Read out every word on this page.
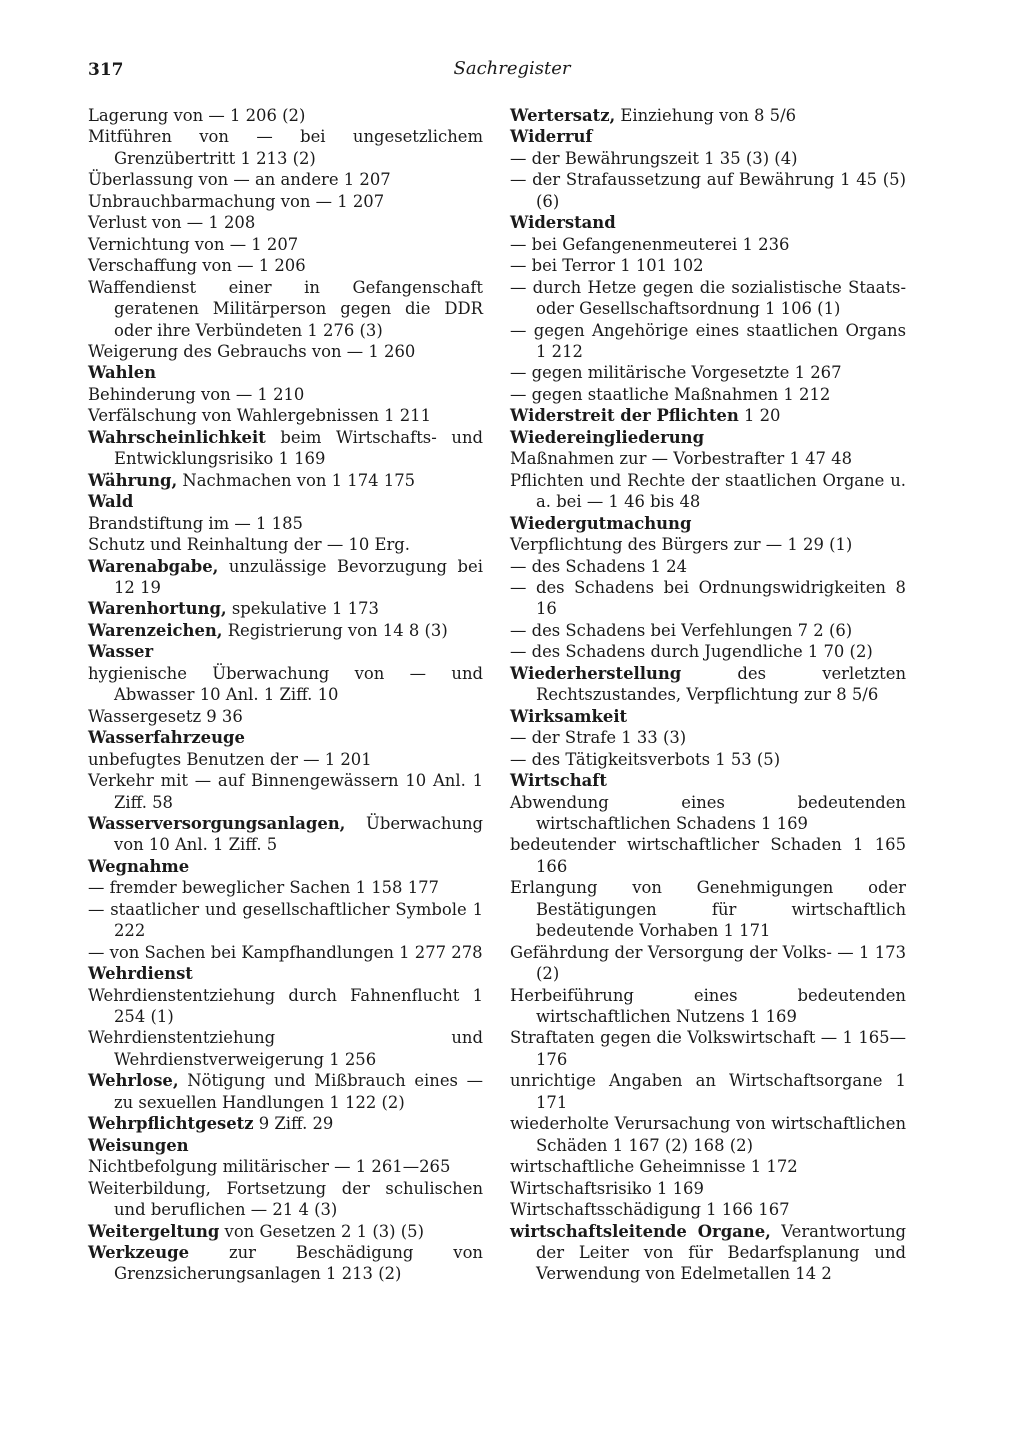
317	Sachregister
Lagerung von — 1 206 (2)
Mitführen von — bei ungesetzlichem Grenzübertritt 1 213 (2)
Überlassung von — an andere 1 207
Unbrauchbarmachung von — 1 207
Verlust von — 1 208
Vernichtung von — 1 207
Verschaffung von — 1 206
Waffendienst einer in Gefangenschaft geratenen Militärperson gegen die DDR oder ihre Verbündeten 1 276 (3)
Weigerung des Gebrauchs von — 1 260
Wahlen
Behinderung von — 1 210
Verfälschung von Wahlergebnissen 1 211
Wahrscheinlichkeit beim Wirtschafts- und Entwicklungsrisiko 1 169
Währung, Nachmachen von 1 174 175
Wald
Brandstiftung im — 1 185
Schutz und Reinhaltung der — 10 Erg.
Warenabgabe, unzulässige Bevorzugung bei 12 19
Warenhortung, spekulative 1 173
Warenzeichen, Registrierung von 14 8 (3)
Wasser
hygienische Überwachung von — und Abwasser 10 Anl. 1 Ziff. 10
Wassergesetz 9 36
Wasserfahrzeuge
unbefugtes Benutzen der — 1 201
Verkehr mit — auf Binnengewässern 10 Anl. 1 Ziff. 58
Wasserversorgungsanlagen, Überwachung von 10 Anl. 1 Ziff. 5
Wegnahme
— fremder beweglicher Sachen 1 158 177
— staatlicher und gesellschaftlicher Symbole 1 222
— von Sachen bei Kampfhandlungen 1 277 278
Wehrdienst
Wehrdienstentziehung durch Fahnenflucht 1 254 (1)
Wehrdienstentziehung und Wehrdienstverweigerung 1 256
Wehrlose, Nötigung und Mißbrauch eines — zu sexuellen Handlungen 1 122 (2)
Wehrpflichtgesetz 9 Ziff. 29
Weisungen
Nichtbefolgung militärischer — 1 261—265
Weiterbildung, Fortsetzung der schulischen und beruflichen — 21 4 (3)
Weitergeltung von Gesetzen 2 1 (3) (5)
Werkzeuge zur Beschädigung von Grenzsicherungsanlagen 1 213 (2)
Wertersatz, Einziehung von 8 5/6
Widerruf
— der Bewährungszeit 1 35 (3) (4)
— der Strafaussetzung auf Bewährung 1 45 (5) (6)
Widerstand
— bei Gefangenenmeuterei 1 236
— bei Terror 1 101 102
— durch Hetze gegen die sozialistische Staats- oder Gesellschaftsordnung 1 106 (1)
— gegen Angehörige eines staatlichen Organs 1 212
— gegen militärische Vorgesetzte 1 267
— gegen staatliche Maßnahmen 1 212
Widerstreit der Pflichten 1 20
Wiedereingliederung
Maßnahmen zur — Vorbestrafter 1 47 48
Pflichten und Rechte der staatlichen Organe u. a. bei — 1 46 bis 48
Wiedergutmachung
Verpflichtung des Bürgers zur — 1 29 (1)
— des Schadens 1 24
— des Schadens bei Ordnungswidrigkeiten 8 16
— des Schadens bei Verfehlungen 7 2 (6)
— des Schadens durch Jugendliche 1 70 (2)
Wiederherstellung des verletzten Rechtszustandes, Verpflichtung zur 8 5/6
Wirksamkeit
— der Strafe 1 33 (3)
— des Tätigkeitsverbots 1 53 (5)
Wirtschaft
Abwendung eines bedeutenden wirtschaftlichen Schadens 1 169
bedeutender wirtschaftlicher Schaden 1 165 166
Erlangung von Genehmigungen oder Bestätigungen für wirtschaftlich bedeutende Vorhaben 1 171
Gefährdung der Versorgung der Volks- — 1 173 (2)
Herbeiführung eines bedeutenden wirtschaftlichen Nutzens 1 169
Straftaten gegen die Volkswirtschaft — 1 165—176
unrichtige Angaben an Wirtschaftsorgane 1 171
wiederholte Verursachung von wirtschaftlichen Schäden 1 167 (2) 168 (2)
wirtschaftliche Geheimnisse 1 172
Wirtschaftsrisiko 1 169
Wirtschaftsschädigung 1 166 167
wirtschaftsleitende Organe, Verantwortung der Leiter von für Bedarfsplanung und Verwendung von Edelmetallen 14 2
